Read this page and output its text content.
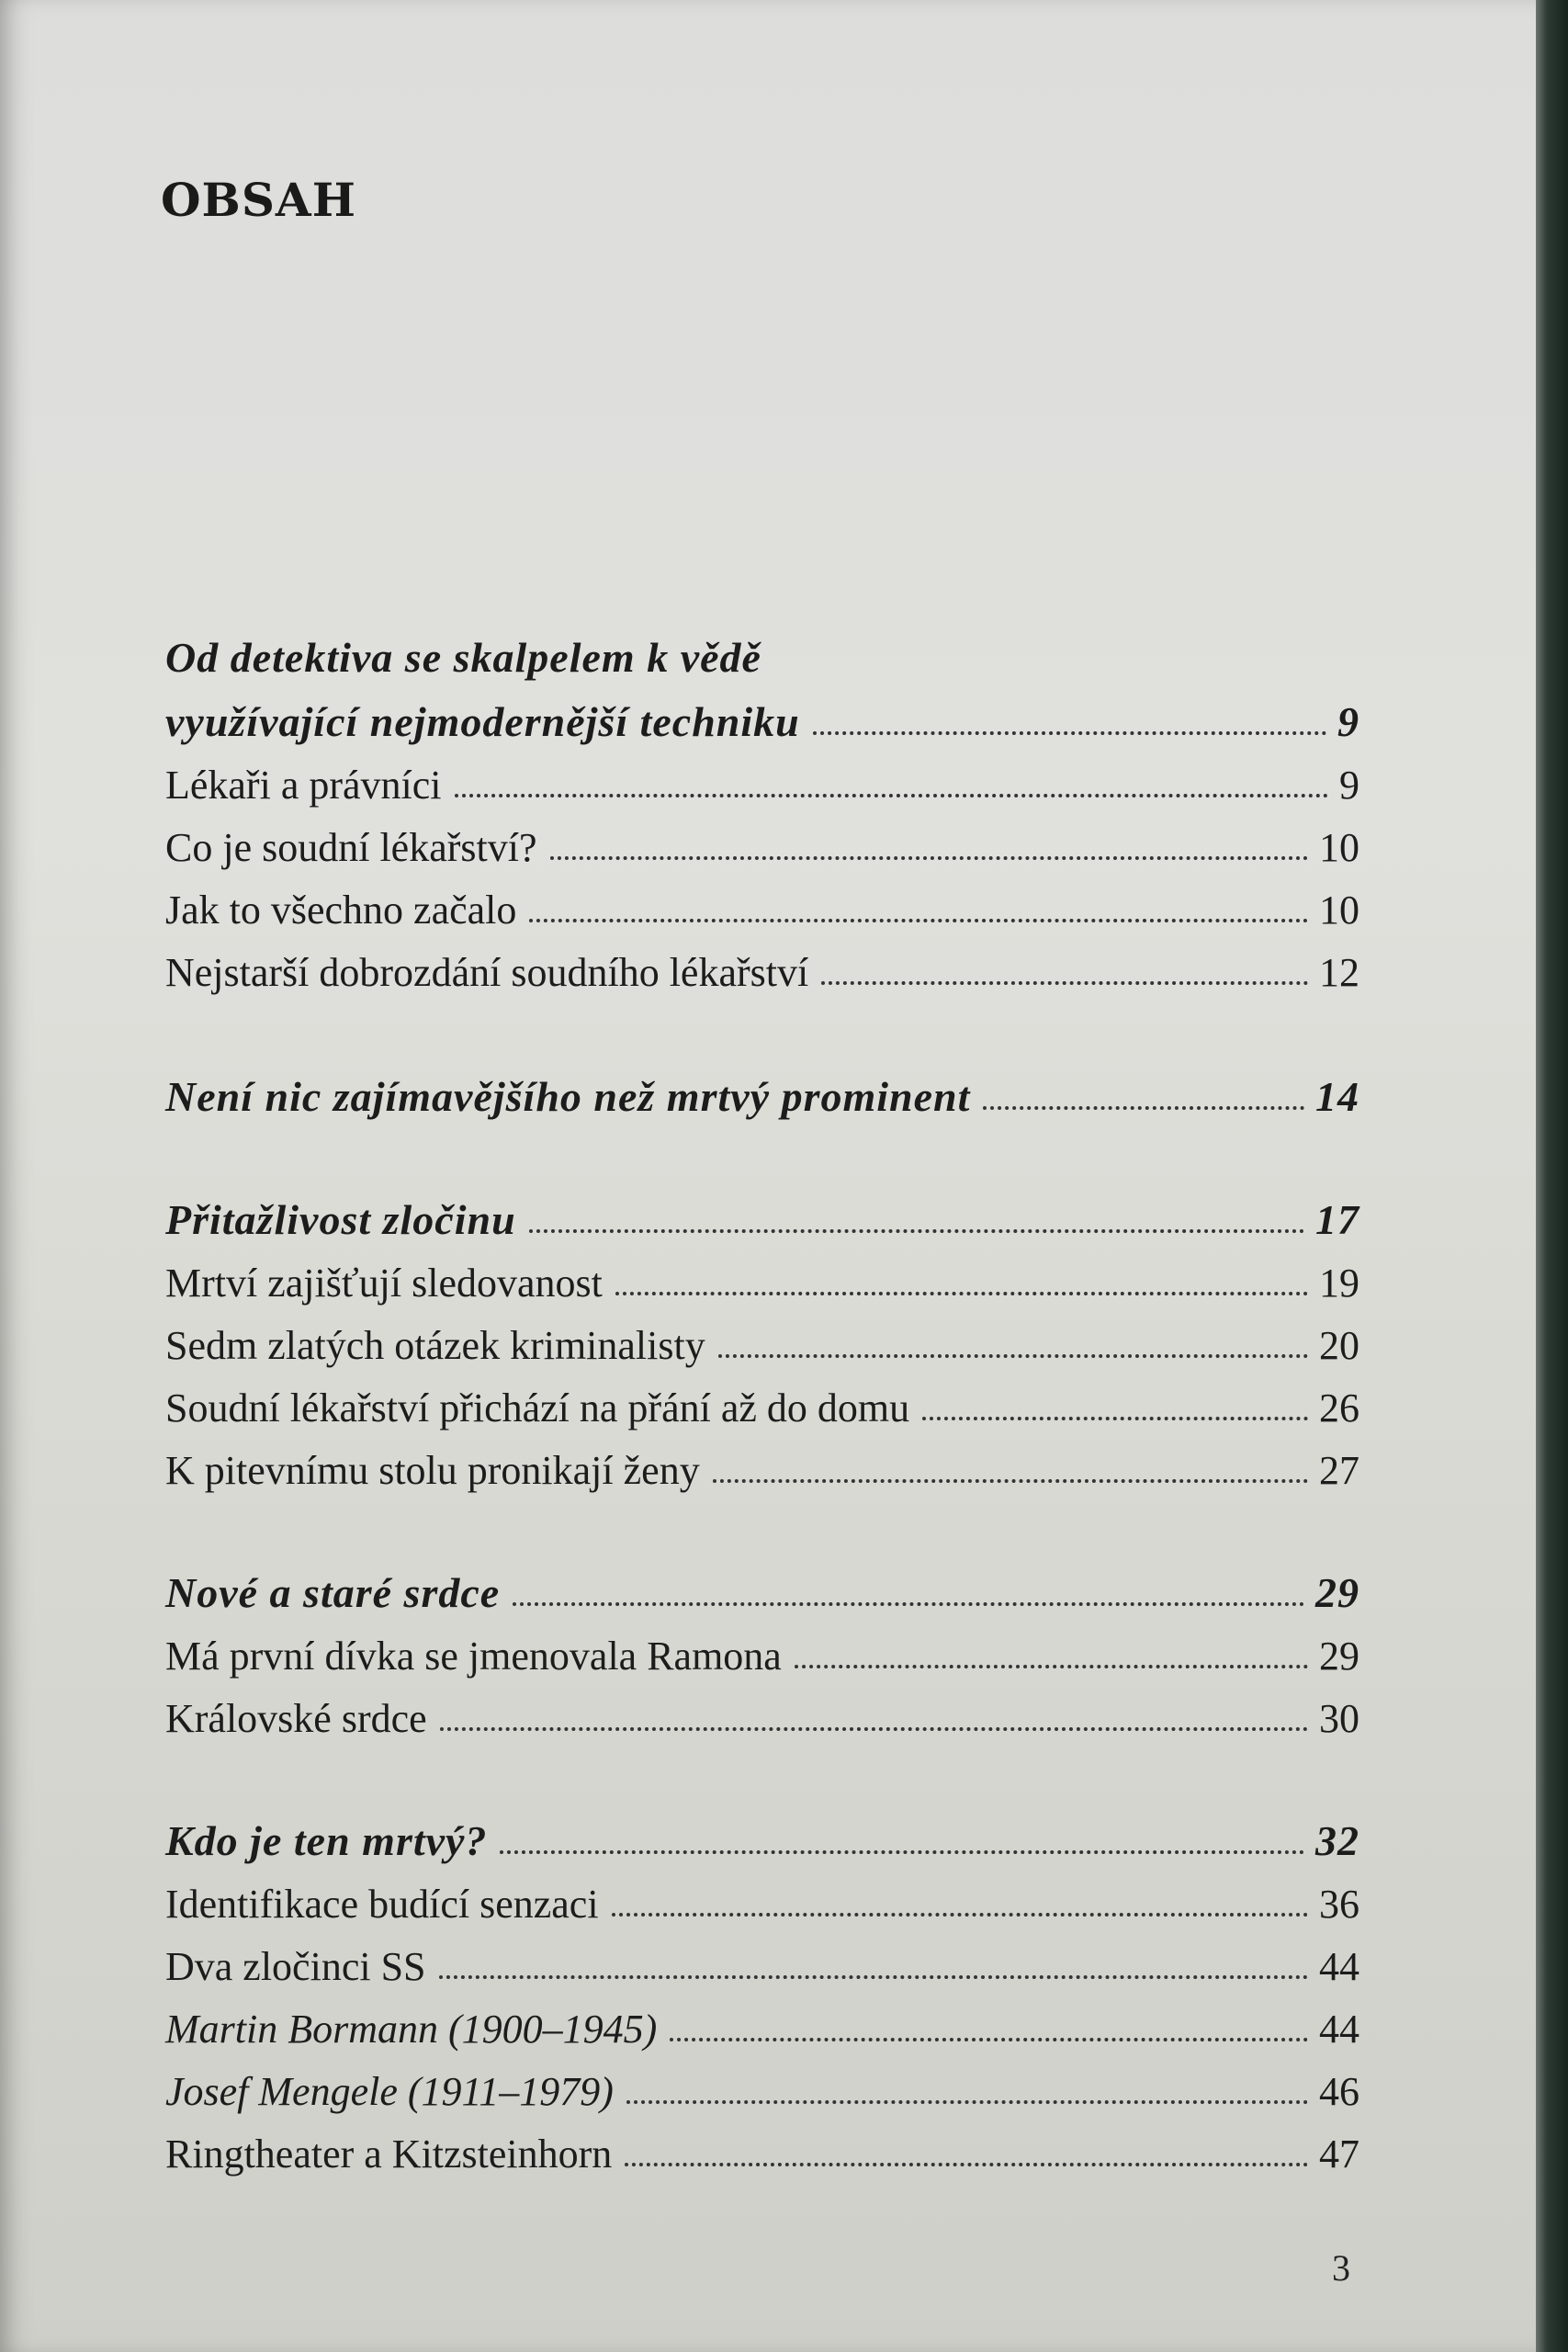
OBSAH
Od detektiva se skalpelem k vědě
využívající nejmodernější techniku	9
Lékaři a právníci	9
Co je soudní lékařství?	10
Jak to všechno začalo	10
Nejstarší dobrozdání soudního lékařství	12
Není nic zajímavějšího než mrtvý prominent	14
Přitažlivost zločinu	17
Mrtví zajišťují sledovanost	19
Sedm zlatých otázek kriminalisty	20
Soudní lékařství přichází na přání až do domu	26
K pitevnímu stolu pronikají ženy	27
Nové a staré srdce	29
Má první dívka se jmenovala Ramona	29
Královské srdce	30
Kdo je ten mrtvý?	32
Identifikace budící senzaci	36
Dva zločinci SS	44
Martin Bormann (1900–1945)	44
Josef Mengele (1911–1979)	46
Ringtheater a Kitzsteinhorn	47
3
